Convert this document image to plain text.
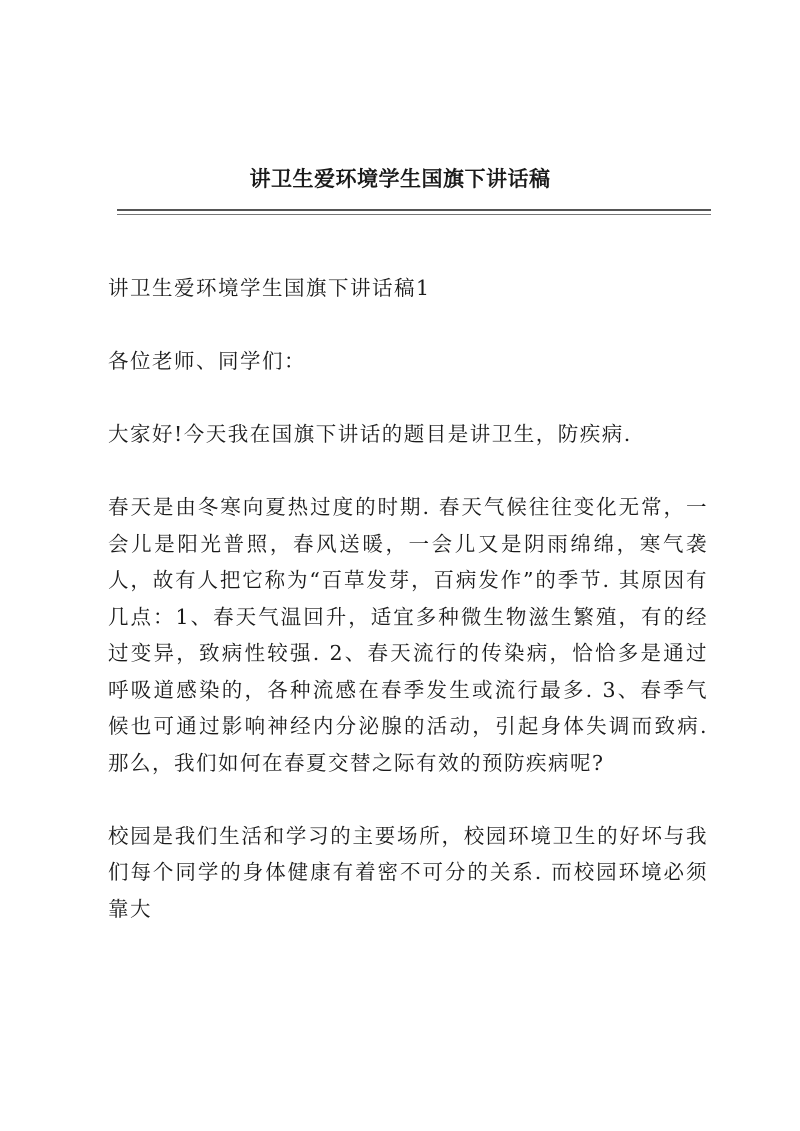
讲卫生爱环境学生国旗下讲话稿

讲卫生爱环境学生国旗下讲话稿1

各位老师、同学们：

大家好!今天我在国旗下讲话的题目是讲卫生，防疾病.

春天是由冬寒向夏热过度的时期. 春天气候往往变化无常，一会儿是阳光普照，春风送暖，一会儿又是阴雨绵绵，寒气袭人，故有人把它称为“百草发芽，百病发作”的季节. 其原因有几点：1、春天气温回升，适宜多种微生物滋生繁殖，有的经过变异，致病性较强. 2、春天流行的传染病，恰恰多是通过呼吸道感染的，各种流感在春季发生或流行最多. 3、春季气候也可通过影响神经内分泌腺的活动，引起身体失调而致病. 那么，我们如何在春夏交替之际有效的预防疾病呢?

校园是我们生活和学习的主要场所，校园环境卫生的好坏与我们每个同学的身体健康有着密不可分的关系. 而校园环境必须靠大
